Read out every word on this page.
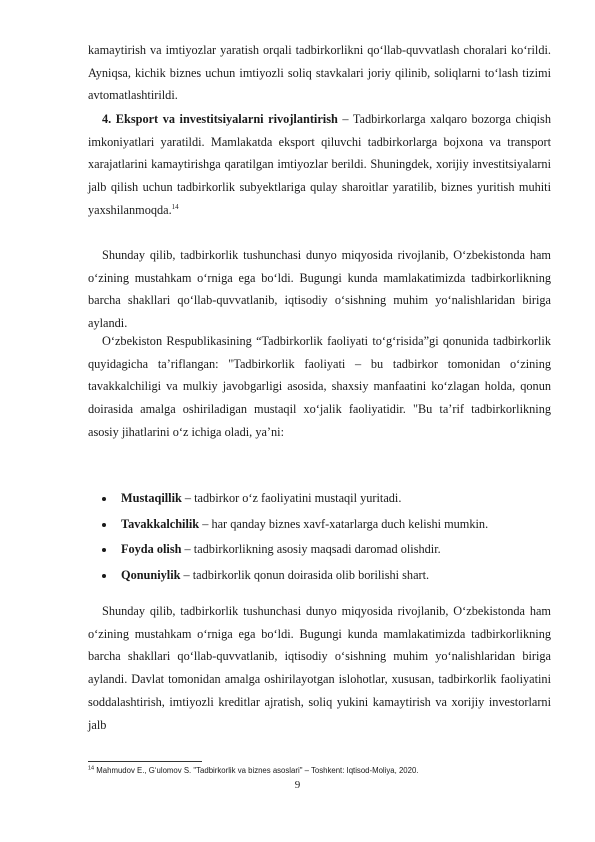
kamaytirish va imtiyozlar yaratish orqali tadbirkorlikni qo‘llab-quvvatlash choralari ko‘rildi. Ayniqsa, kichik biznes uchun imtiyozli soliq stavkalari joriy qilinib, soliqlarni to‘lash tizimi avtomatlashtirildi.
4. Eksport va investitsiyalarni rivojlantirish – Tadbirkorlarga xalqaro bozorga chiqish imkoniyatlari yaratildi. Mamlakatda eksport qiluvchi tadbirkorlarga bojxona va transport xarajatlarini kamaytirishga qaratilgan imtiyozlar berildi. Shuningdek, xorijiy investitsiyalarni jalb qilish uchun tadbirkorlik subyektlariga qulay sharoitlar yaratilib, biznes yuritish muhiti yaxshilanmoqda.$^{14}$
Shunday qilib, tadbirkorlik tushunchasi dunyo miqyosida rivojlanib, O‘zbekistonda ham o‘zining mustahkam o‘rniga ega bo‘ldi. Bugungi kunda mamlakatimizda tadbirkorlikning barcha shakllari qo‘llab-quvvatlanib, iqtisodiy o‘sishning muhim yo‘nalishlaridan biriga aylandi.
O‘zbekiston Respublikasining “Tadbirkorlik faoliyati to‘g‘risida”gi qonunida tadbirkorlik quyidagicha ta’riflangan: "Tadbirkorlik faoliyati – bu tadbirkor tomonidan o‘zining tavakkalchiligi va mulkiy javobgarligi asosida, shaxsiy manfaatini ko‘zlagan holda, qonun doirasida amalga oshiriladigan mustaqil xo‘jalik faoliyatidir. "Bu ta’rif tadbirkorlikning asosiy jihatlarini o‘z ichiga oladi, ya’ni:
Mustaqillik – tadbirkor o‘z faoliyatini mustaqil yuritadi.
Tavakkalchilik – har qanday biznes xavf-xatarlarga duch kelishi mumkin.
Foyda olish – tadbirkorlikning asosiy maqsadi daromad olishdir.
Qonuniylik – tadbirkorlik qonun doirasida olib borilishi shart.
Shunday qilib, tadbirkorlik tushunchasi dunyo miqyosida rivojlanib, O‘zbekistonda ham o‘zining mustahkam o‘rniga ega bo‘ldi. Bugungi kunda mamlakatimizda tadbirkorlikning barcha shakllari qo‘llab-quvvatlanib, iqtisodiy o‘sishning muhim yo‘nalishlaridan biriga aylandi. Davlat tomonidan amalga oshirilayotgan islohotlar, xususan, tadbirkorlik faoliyatini soddalashtirish, imtiyozli kreditlar ajratish, soliq yukini kamaytirish va xorijiy investorlarni jalb
$^{14}$ Mahmudov E., G‘ulomov S. "Tadbirkorlik va biznes asoslari" – Toshkent: Iqtisod-Moliya, 2020.
9
